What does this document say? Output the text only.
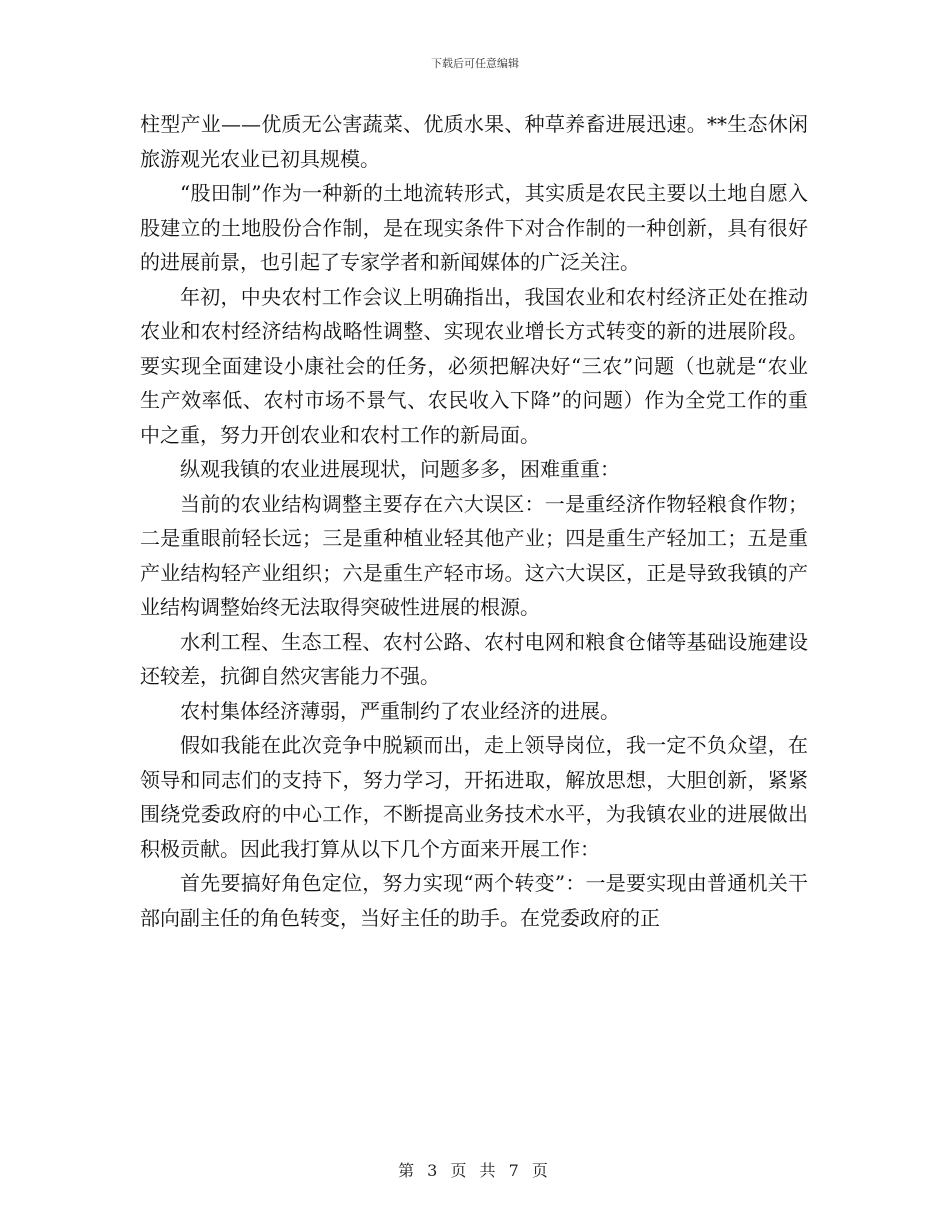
下载后可任意编辑

柱型产业——优质无公害蔬菜、优质水果、种草养畜进展迅速。**生态休闲旅游观光农业已初具规模。

“股田制”作为一种新的土地流转形式，其实质是农民主要以土地自愿入股建立的土地股份合作制，是在现实条件下对合作制的一种创新，具有很好的进展前景，也引起了专家学者和新闻媒体的广泛关注。

年初，中央农村工作会议上明确指出，我国农业和农村经济正处在推动农业和农村经济结构战略性调整、实现农业增长方式转变的新的进展阶段。要实现全面建设小康社会的任务，必须把解决好“三农”问题（也就是“农业生产效率低、农村市场不景气、农民收入下降”的问题）作为全党工作的重中之重，努力开创农业和农村工作的新局面。

纵观我镇的农业进展现状，问题多多，困难重重：

当前的农业结构调整主要存在六大误区：一是重经济作物轻粮食作物；二是重眼前轻长远；三是重种植业轻其他产业；四是重生产轻加工；五是重产业结构轻产业组织；六是重生产轻市场。这六大误区，正是导致我镇的产业结构调整始终无法取得突破性进展的根源。

水利工程、生态工程、农村公路、农村电网和粮食仓储等基础设施建设还较差，抗御自然灾害能力不强。

农村集体经济薄弱，严重制约了农业经济的进展。

假如我能在此次竞争中脱颖而出，走上领导岗位，我一定不负众望，在领导和同志们的支持下，努力学习，开拓进取，解放思想，大胆创新，紧紧围绕党委政府的中心工作，不断提高业务技术水平，为我镇农业的进展做出积极贡献。因此我打算从以下几个方面来开展工作：

首先要搞好角色定位，努力实现“两个转变”：一是要实现由普通机关干部向副主任的角色转变，当好主任的助手。在党委政府的正

第 3 页 共 7 页
